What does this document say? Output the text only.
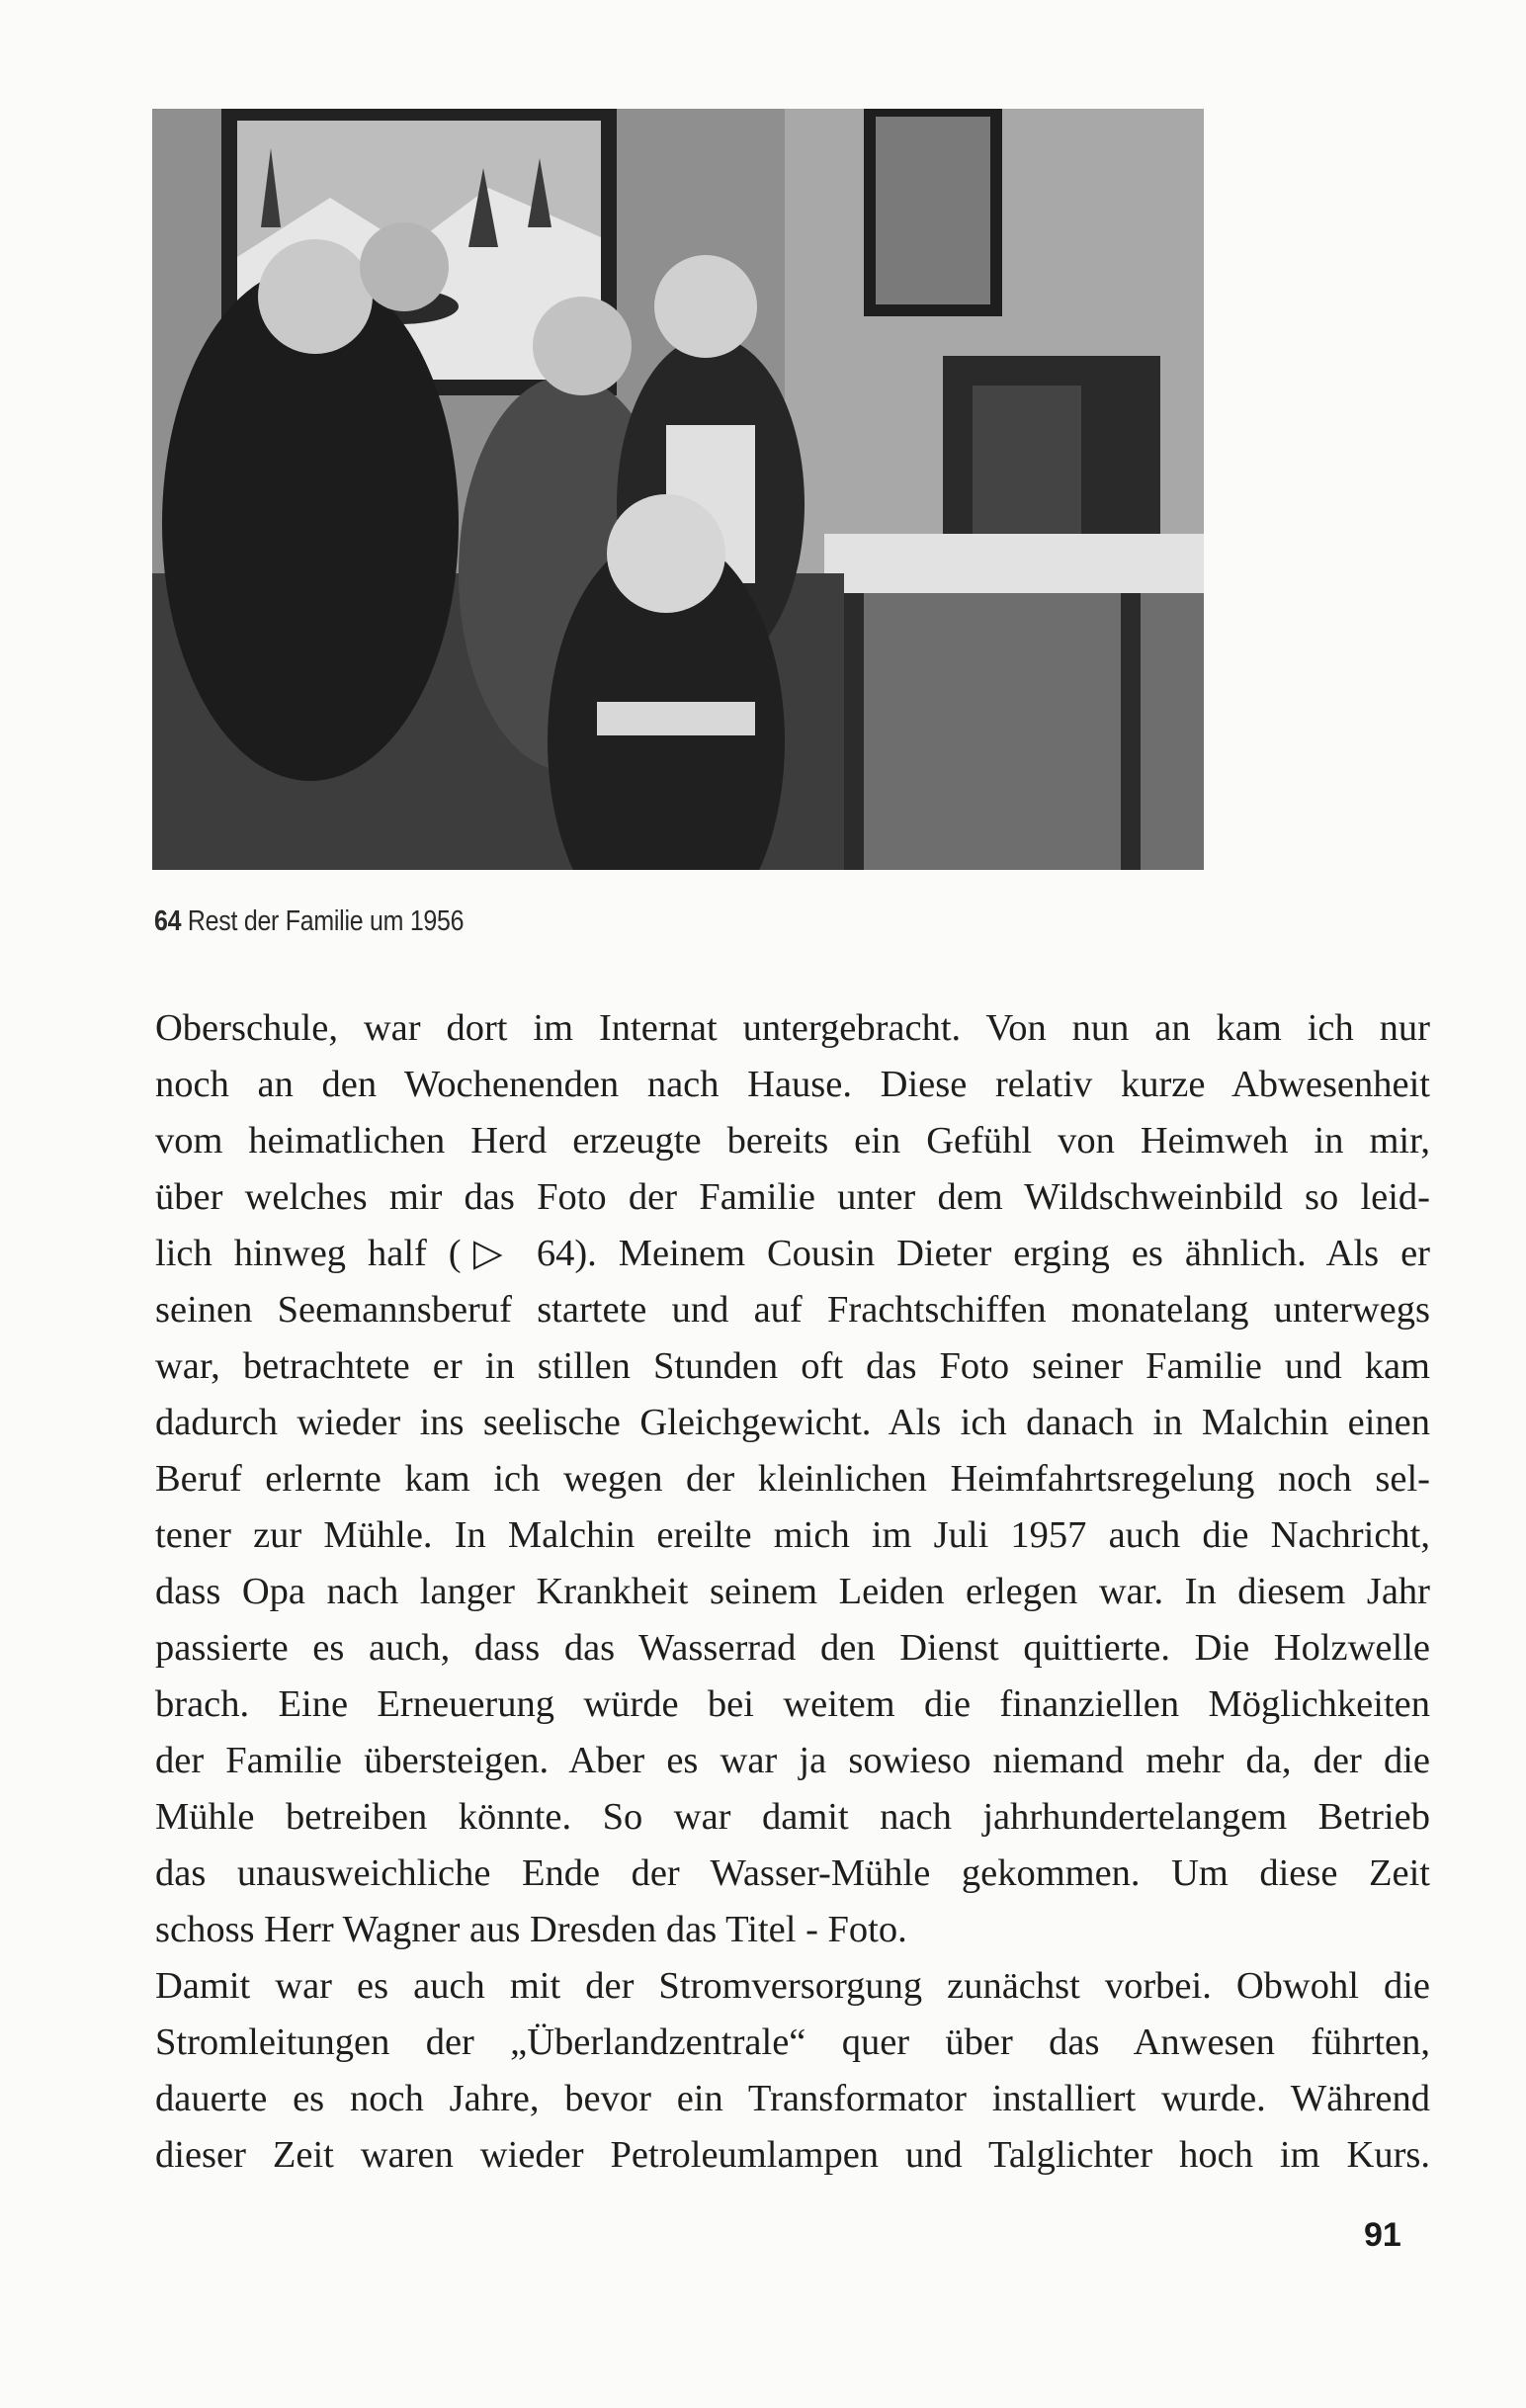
64 Rest der Familie um 1956
Oberschule, war dort im Internat untergebracht. Von nun an kam ich nur
noch an den Wochenenden nach Hause. Diese relativ kurze Abwesenheit
vom heimatlichen Herd erzeugte bereits ein Gefühl von Heimweh in mir,
über welches mir das Foto der Familie unter dem Wildschweinbild so leid-
lich hinweg half (▷ 64). Meinem Cousin Dieter erging es ähnlich. Als er
seinen Seemannsberuf startete und auf Frachtschiffen monatelang unterwegs
war, betrachtete er in stillen Stunden oft das Foto seiner Familie und kam
dadurch wieder ins seelische Gleichgewicht. Als ich danach in Malchin einen
Beruf erlernte kam ich wegen der kleinlichen Heimfahrtsregelung noch sel-
tener zur Mühle. In Malchin ereilte mich im Juli 1957 auch die Nachricht,
dass Opa nach langer Krankheit seinem Leiden erlegen war. In diesem Jahr
passierte es auch, dass das Wasserrad den Dienst quittierte. Die Holzwelle
brach. Eine Erneuerung würde bei weitem die finanziellen Möglichkeiten
der Familie übersteigen. Aber es war ja sowieso niemand mehr da, der die
Mühle betreiben könnte. So war damit nach jahrhundertelangem Betrieb
das unausweichliche Ende der Wasser-Mühle gekommen. Um diese Zeit
schoss Herr Wagner aus Dresden das Titel - Foto.
Damit war es auch mit der Stromversorgung zunächst vorbei. Obwohl die
Stromleitungen der „Überlandzentrale“ quer über das Anwesen führten,
dauerte es noch Jahre, bevor ein Transformator installiert wurde. Während
dieser Zeit waren wieder Petroleumlampen und Talglichter hoch im Kurs.
91
